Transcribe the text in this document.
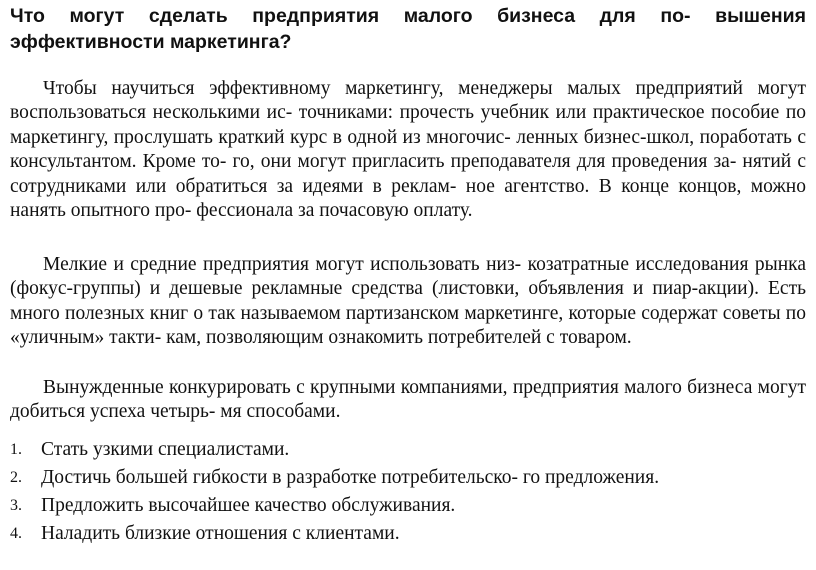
Что могут сделать предприятия малого бизнеса для по- вышения эффективности маркетинга?

Чтобы научиться эффективному маркетингу, менеджеры малых предприятий могут воспользоваться несколькими ис- точниками: прочесть учебник или практическое пособие по маркетингу, прослушать краткий курс в одной из многочис- ленных бизнес-школ, поработать с консультантом. Кроме то- го, они могут пригласить преподавателя для проведения за- нятий с сотрудниками или обратиться за идеями в реклам- ное агентство. В конце концов, можно нанять опытного про- фессионала за почасовую оплату.

Мелкие и средние предприятия могут использовать низ- козатратные исследования рынка (фокус-группы) и дешевые рекламные средства (листовки, объявления и пиар-акции). Есть много полезных книг о так называемом партизанском маркетинге, которые содержат советы по «уличным» такти- кам, позволяющим ознакомить потребителей с товаром.

Вынужденные конкурировать с крупными компаниями, предприятия малого бизнеса могут добиться успеха четырь- мя способами.

1. Стать узкими специалистами.
2. Достичь большей гибкости в разработке потребительско- го предложения.
3. Предложить высочайшее качество обслуживания.
4. Наладить близкие отношения с клиентами.
